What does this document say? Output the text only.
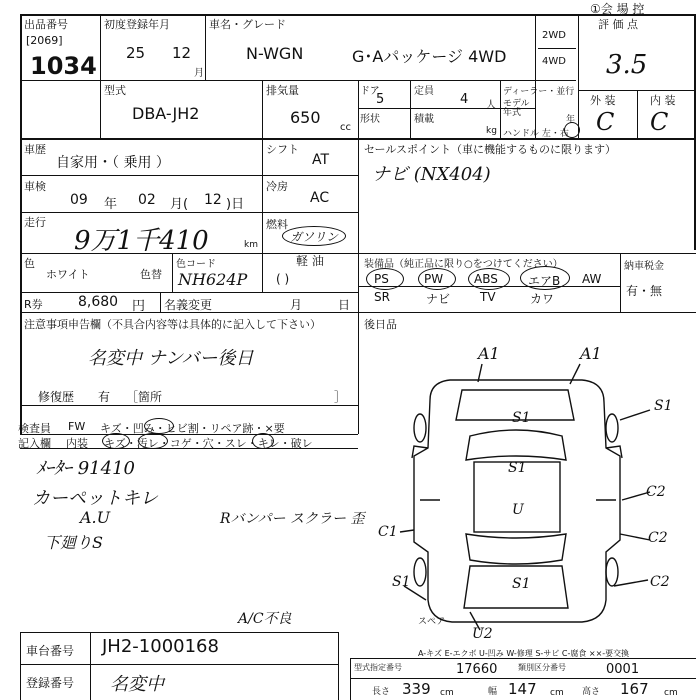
①会 場 控
出品番号
[2069]
1034
初度登録年月
25 12
月
車名・グレード
N-WGN	G･Aパッケージ 4WD
2WD
4WD
評 価 点
3.5
外 装	内 装
C C
型式
DBA-JH2
排気量
650
cc
ドア
5
定員
4 人
形状	積載
kg
ディーラー・並行
モデル年式
年
ハンドル 左・右
車歴
自家用・（ 乗用 ）
シフト
AT
車検
09 年 02 月( 12 )日
冷房
AC
走行
9万1千410	km
燃料
ガソリン
軽 油
( )
色
ホワイト	色替
色コード
NH624P
R券	8,680 円 名義変更	月	日
セールスポイント（車に機能するものに限ります）
ナビ (NX404)
装備品（純正品に限り○をつけてください）
PS	PW	ABS	エアB AW
SR	ナビ TV	カワ
納車税金
有・無
注意事項申告欄（不具合内容等は具体的に記入して下さい）
名変中 ナンバー後日
修復歴 有 ［箇所	］
後日品
検査員
記入欄
FW キズ・凹み・ヒビ割・リペア跡・×要
内装 キズ・汚レ・コゲ・穴・スレ・キレ・破レ
ﾒｰﾀｰ 91410
カーペットキレ
A.U
下廻りS
Rバンパー スクラー 歪
A/C不良
A1	A1
S1
S1
S1
U
C2
C2
C2
C1
S1	S1
U2
スペア
車台番号 JH2-1000168
登録番号 名変中
A-キズ E-エクボ U-凹み W-修理 S-サビ C-腐食 ××-要交換
型式指定番号	17660	類別区分番号	0001
長さ 339 cm	幅 147 cm 高さ 167 cm
